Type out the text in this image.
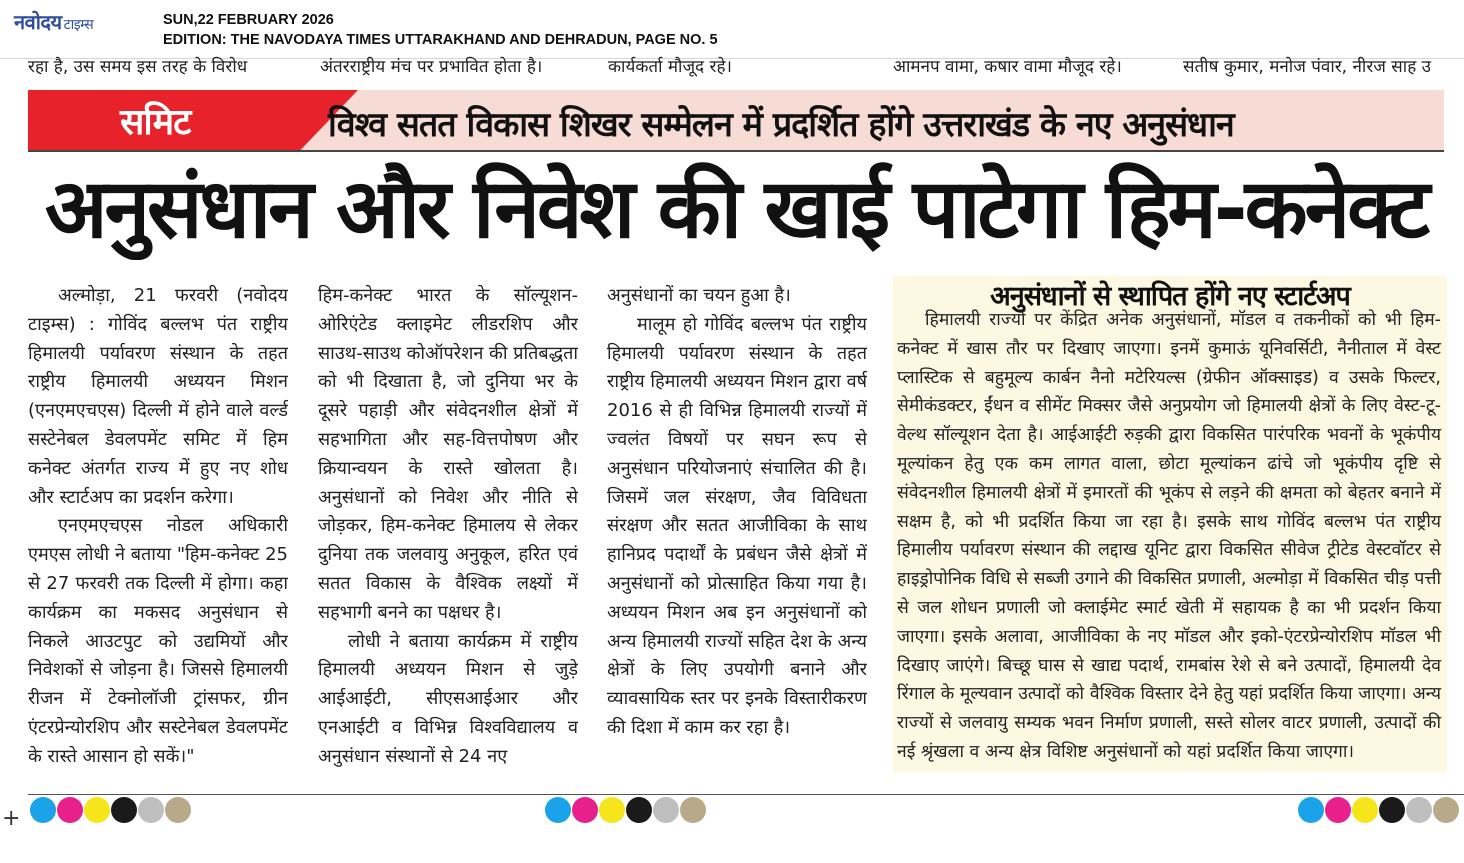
नवोदय टाइम्स	SUN,22 FEBRUARY 2026
EDITION: THE NAVODAYA TIMES UTTARAKHAND AND DEHRADUN, PAGE NO. 5
रहा है, उस समय इस तरह के विरोध	अंतरराष्ट्रीय मंच पर प्रभावित होता है।	कार्यकर्ता मौजूद रहे।	आमनप वामा, कषार वामा मौजूद रहे।	सतीष कुमार, मनोज पंवार, नीरज साह उ
समिट	विश्व सतत विकास शिखर सम्मेलन में प्रदर्शित होंगे उत्तराखंड के नए अनुसंधान
अनुसंधान और निवेश की खाई पाटेगा हिम-कनेक्ट

अल्मोड़ा, 21 फरवरी (नवोदय टाइम्स) : गोविंद बल्लभ पंत राष्ट्रीय हिमालयी पर्यावरण संस्थान के तहत राष्ट्रीय हिमालयी अध्ययन मिशन (एनएमएचएस) दिल्ली में होने वाले वर्ल्ड सस्टेनेबल डेवलपमेंट समिट में हिम कनेक्ट अंतर्गत राज्य में हुए नए शोध और स्टार्टअप का प्रदर्शन करेगा।

एनएमएचएस नोडल अधिकारी एमएस लोधी ने बताया "हिम-कनेक्ट 25 से 27 फरवरी तक दिल्ली में होगा। कहा कार्यक्रम का मकसद अनुसंधान से निकले आउटपुट को उद्यमियों और निवेशकों से जोड़ना है। जिससे हिमालयी रीजन में टेक्नोलॉजी ट्रांसफर, ग्रीन एंटरप्रेन्योरशिप और सस्टेनेबल डेवलपमेंट के रास्ते आसान हो सकें।"

हिम-कनेक्ट भारत के सॉल्यूशन-ओरिएंटेड क्लाइमेट लीडरशिप और साउथ-साउथ कोऑपरेशन की प्रतिबद्धता को भी दिखाता है, जो दुनिया भर के दूसरे पहाड़ी और संवेदनशील क्षेत्रों में सहभागिता और सह-वित्तपोषण और क्रियान्वयन के रास्ते खोलता है। अनुसंधानों को निवेश और नीति से जोड़कर, हिम-कनेक्ट हिमालय से लेकर दुनिया तक जलवायु अनुकूल, हरित एवं सतत विकास के वैश्विक लक्ष्यों में सहभागी बनने का पक्षधर है।

लोधी ने बताया कार्यक्रम में राष्ट्रीय हिमालयी अध्ययन मिशन से जुड़े आईआईटी, सीएसआईआर और एनआईटी व विभिन्न विश्वविद्यालय व अनुसंधान संस्थानों से 24 नए

अनुसंधानों का चयन हुआ है।

मालूम हो गोविंद बल्लभ पंत राष्ट्रीय हिमालयी पर्यावरण संस्थान के तहत राष्ट्रीय हिमालयी अध्ययन मिशन द्वारा वर्ष 2016 से ही विभिन्न हिमालयी राज्यों में ज्वलंत विषयों पर सघन रूप से अनुसंधान परियोजनाएं संचालित की है। जिसमें जल संरक्षण, जैव विविधता संरक्षण और सतत आजीविका के साथ हानिप्रद पदार्थों के प्रबंधन जैसे क्षेत्रों में अनुसंधानों को प्रोत्साहित किया गया है। अध्ययन मिशन अब इन अनुसंधानों को अन्य हिमालयी राज्यों सहित देश के अन्य क्षेत्रों के लिए उपयोगी बनाने और व्यावसायिक स्तर पर इनके विस्तारीकरण की दिशा में काम कर रहा है।

अनुसंधानों से स्थापित होंगे नए स्टार्टअप
हिमालयी राज्यों पर केंद्रित अनेक अनुसंधानों, मॉडल व तकनीकों को भी हिम-कनेक्ट में खास तौर पर दिखाए जाएगा। इनमें कुमाऊं यूनिवर्सिटी, नैनीताल में वेस्ट प्लास्टिक से बहुमूल्य कार्बन नैनो मटेरियल्स (ग्रेफीन ऑक्साइड) व उसके फिल्टर, सेमीकंडक्टर, ईंधन व सीमेंट मिक्सर जैसे अनुप्रयोग जो हिमालयी क्षेत्रों के लिए वेस्ट-टू-वेल्थ सॉल्यूशन देता है। आईआईटी रुड़की द्वारा विकसित पारंपरिक भवनों के भूकंपीय मूल्यांकन हेतु एक कम लागत वाला, छोटा मूल्यांकन ढांचे जो भूकंपीय दृष्टि से संवेदनशील हिमालयी क्षेत्रों में इमारतों की भूकंप से लड़ने की क्षमता को बेहतर बनाने में सक्षम है, को भी प्रदर्शित किया जा रहा है। इसके साथ गोविंद बल्लभ पंत राष्ट्रीय हिमालीय पर्यावरण संस्थान की लद्दाख यूनिट द्वारा विकसित सीवेज ट्रीटेड वेस्टवॉटर से हाइड्रोपोनिक विधि से सब्जी उगाने की विकसित प्रणाली, अल्मोड़ा में विकसित चीड़ पत्ती से जल शोधन प्रणाली जो क्लाईमेट स्मार्ट खेती में सहायक है का भी प्रदर्शन किया जाएगा। इसके अलावा, आजीविका के नए मॉडल और इको-एंटरप्रेन्योरशिप मॉडल भी दिखाए जाएंगे। बिच्छू घास से खाद्य पदार्थ, रामबांस रेशे से बने उत्पादों, हिमालयी देव रिंगाल के मूल्यवान उत्पादों को वैश्विक विस्तार देने हेतु यहां प्रदर्शित किया जाएगा। अन्य राज्यों से जलवायु सम्यक भवन निर्माण प्रणाली, सस्ते सोलर वाटर प्रणाली, उत्पादों की नई श्रृंखला व अन्य क्षेत्र विशिष्ट अनुसंधानों को यहां प्रदर्शित किया जाएगा।
+
